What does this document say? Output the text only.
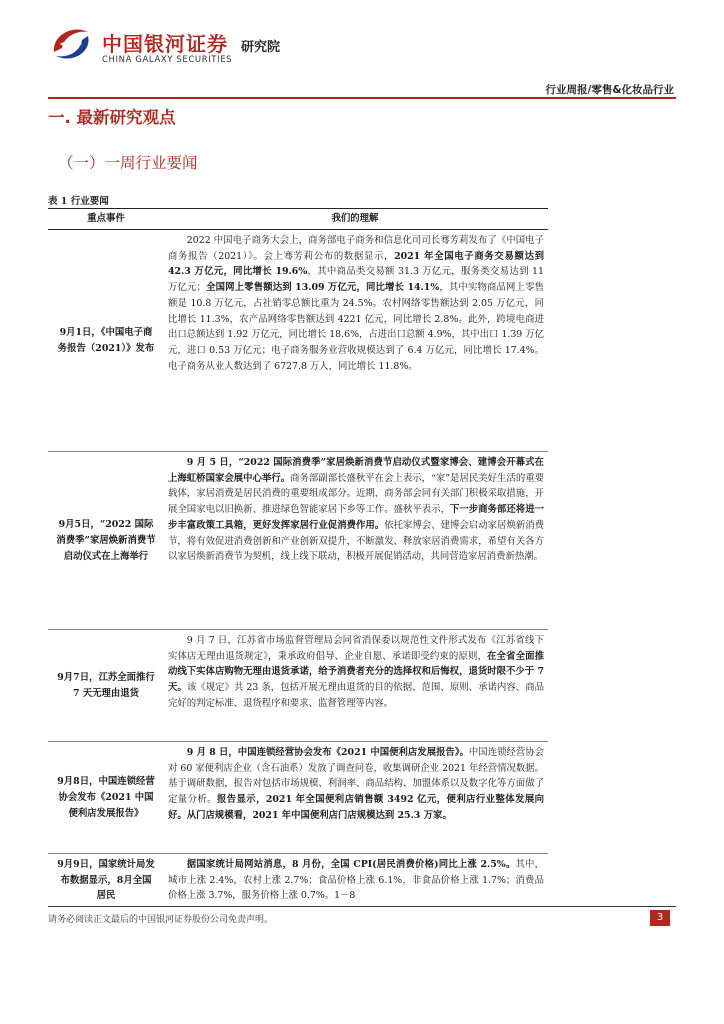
中国银河证券
CHINA GALAXY SECURITIES
研究院
行业周报/零售&化妆品行业
一. 最新研究观点
（一）一周行业要闻
表 1 行业要闻
重点事件	我们的理解
9月1日，《中国电子商务报告（2021）》发布	2022 中国电子商务大会上，商务部电子商务和信息化司司长骞芳莉发布了《中国电子商务报告（2021）》。会上骞芳莉公布的数据显示，2021 年全国电子商务交易额达到 42.3 万亿元，同比增长 19.6%，其中商品类交易额 31.3 万亿元，服务类交易达到 11 万亿元；全国网上零售额达到 13.09 万亿元，同比增长 14.1%，其中实物商品网上零售额是 10.8 万亿元，占社销零总额比重为 24.5%。农村网络零售额达到 2.05 万亿元，同比增长 11.3%，农产品网络零售额达到 4221 亿元，同比增长 2.8%。此外，跨境电商进出口总额达到 1.92 万亿元，同比增长 18.6%，占进出口总额 4.9%，其中出口 1.39 万亿元，进口 0.53 万亿元；电子商务服务业营收规模达到了 6.4 万亿元，同比增长 17.4%。电子商务从业人数达到了 6727.8 万人，同比增长 11.8%。
9月5日，“2022 国际消费季”家居焕新消费节启动仪式在上海举行	9 月 5 日，“2022 国际消费季”家居焕新消费节启动仪式暨家博会、建博会开幕式在上海虹桥国家会展中心举行。商务部副部长盛秋平在会上表示，“家”是居民美好生活的重要载体，家居消费是居民消费的重要组成部分。近期，商务部会同有关部门积极采取措施，开展全国家电以旧换新、推进绿色智能家居下乡等工作。盛秋平表示，下一步商务部还将进一步丰富政策工具箱，更好发挥家居行业促消费作用。依托家博会、建博会启动家居焕新消费节，将有效促进消费创新和产业创新双提升，不断激发、释放家居消费需求，希望有关各方以家居焕新消费节为契机，线上线下联动，积极开展促销活动，共同营造家居消费新热潮。
9月7日，江苏全面推行 7 天无理由退货	9 月 7 日，江苏省市场监督管理局会同省消保委以规范性文件形式发布《江苏省线下实体店无理由退货规定》，秉承政府倡导、企业自愿、承诺即受约束的原则，在全省全面推动线下实体店购物无理由退货承诺，给予消费者充分的选择权和后悔权，退货时限不少于 7 天。该《规定》共 23 条，包括开展无理由退货的目的依据、范围、原则、承诺内容、商品完好的判定标准、退货程序和要求、监督管理等内容。
9月8日，中国连锁经营协会发布《2021 中国便利店发展报告》	9 月 8 日，中国连锁经营协会发布《2021 中国便利店发展报告》。中国连锁经营协会对 60 家便利店企业（含石油系）发放了调查问卷，收集调研企业 2021 年经营情况数据。基于调研数据，报告对包括市场规模、利润率、商品结构、加盟体系以及数字化等方面做了定量分析。报告显示，2021 年全国便利店销售额 3492 亿元，便利店行业整体发展向好。从门店规模看，2021 年中国便利店门店规模达到 25.3 万家。
9月9日，国家统计局发布数据显示，8月全国居民	据国家统计局网站消息，8 月份，全国 CPI(居民消费价格)同比上涨 2.5%。其中，城市上涨 2.4%，农村上涨 2.7%；食品价格上涨 6.1%，非食品价格上涨 1.7%；消费品价格上涨 3.7%，服务价格上涨 0.7%。1－8
请务必阅读正文最后的中国银河证券股份公司免责声明。	3
